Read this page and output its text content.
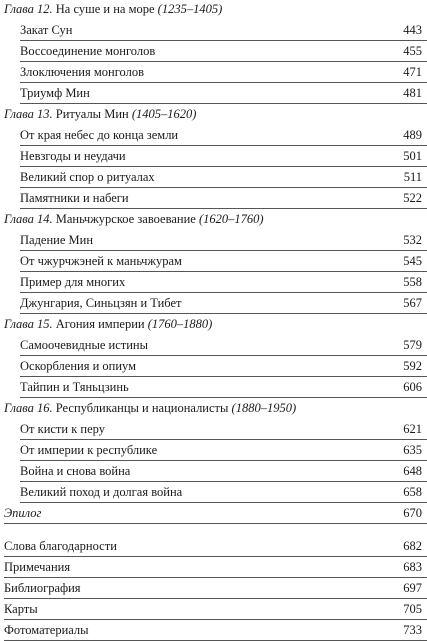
Глава 12. На суше и на море (1235–1405)
Закат Сун	443
Воссоединение монголов	455
Злоключения монголов	471
Триумф Мин	481
Глава 13. Ритуалы Мин (1405–1620)
От края небес до конца земли	489
Невзгоды и неудачи	501
Великий спор о ритуалах	511
Памятники и набеги	522
Глава 14. Маньчжурское завоевание (1620–1760)
Падение Мин	532
От чжурчжэней к маньчжурам	545
Пример для многих	558
Джунгария, Синьцзян и Тибет	567
Глава 15. Агония империи (1760–1880)
Самоочевидные истины	579
Оскорбления и опиум	592
Тайпин и Тяньцзинь	606
Глава 16. Республиканцы и националисты (1880–1950)
От кисти к перу	621
От империи к республике	635
Война и снова война	648
Великий поход и долгая война	658
Эпилог	670
Слова благодарности	682
Примечания	683
Библиография	697
Карты	705
Фотоматериалы	733
